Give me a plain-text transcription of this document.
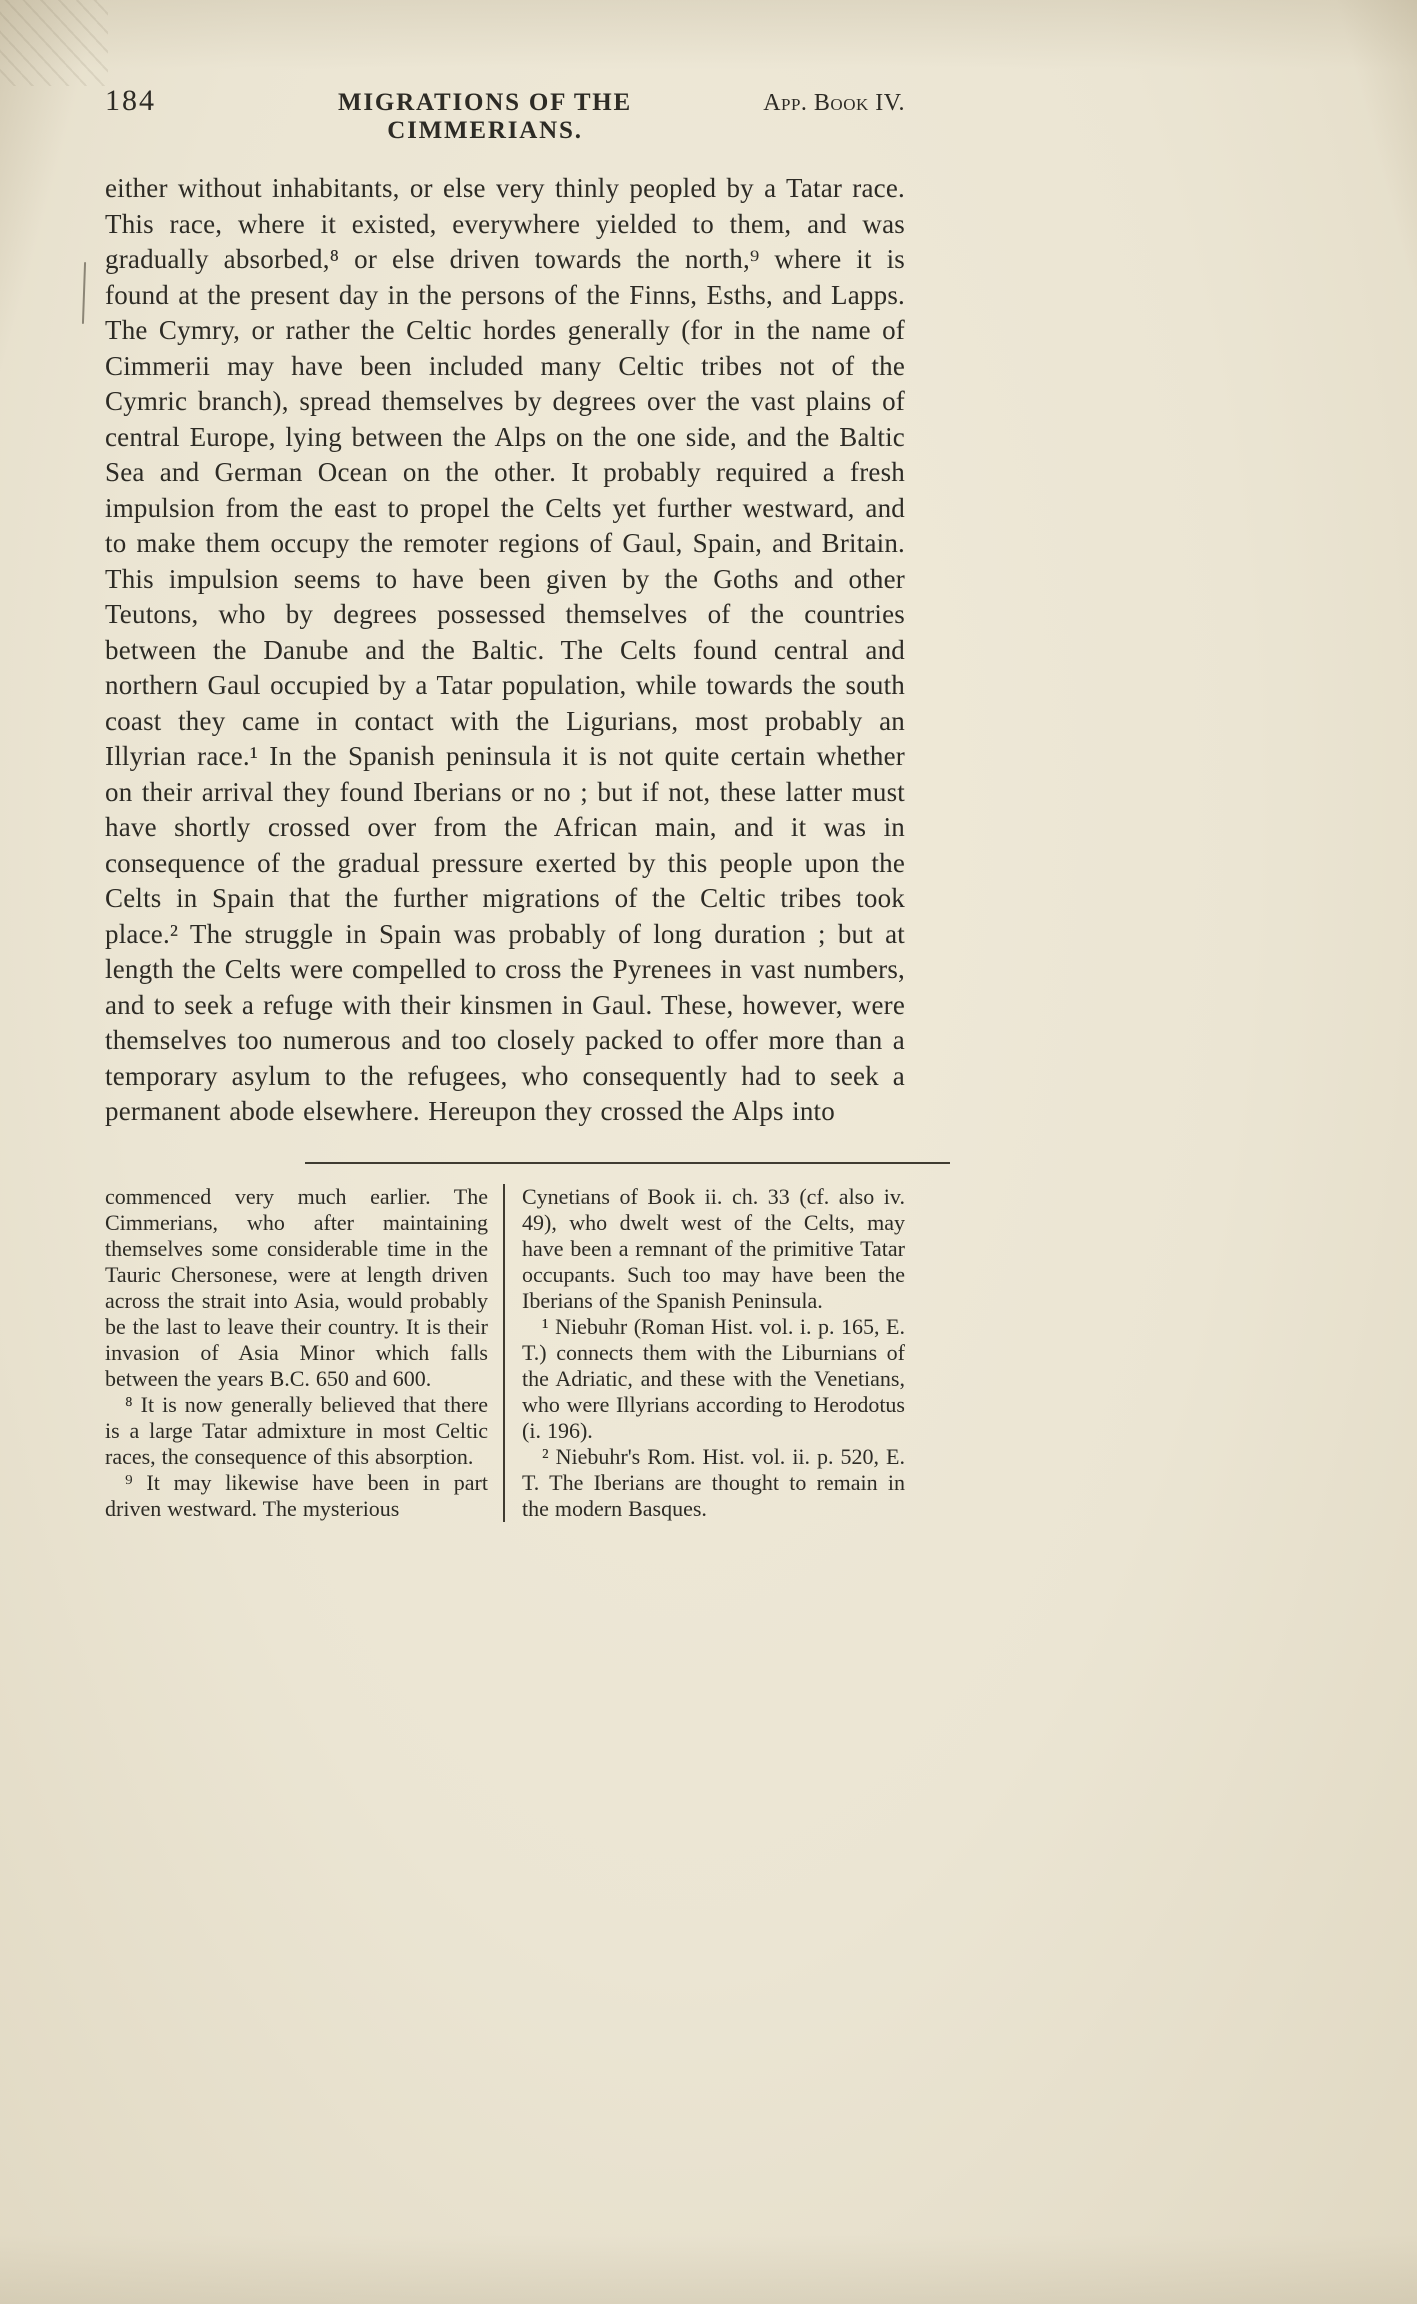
184	MIGRATIONS OF THE CIMMERIANS.
App. Book IV.

either without inhabitants, or else very thinly peopled by a Tatar race. This race, where it existed, everywhere yielded to them, and was gradually absorbed,⁸ or else driven towards the north,⁹ where it is found at the present day in the persons of the Finns, Esths, and Lapps. The Cymry, or rather the Celtic hordes generally (for in the name of Cimmerii may have been included many Celtic tribes not of the Cymric branch), spread themselves by degrees over the vast plains of central Europe, lying between the Alps on the one side, and the Baltic Sea and German Ocean on the other. It probably required a fresh impulsion from the east to propel the Celts yet further westward, and to make them occupy the remoter regions of Gaul, Spain, and Britain. This impulsion seems to have been given by the Goths and other Teutons, who by degrees possessed themselves of the countries between the Danube and the Baltic. The Celts found central and northern Gaul occupied by a Tatar population, while towards the south coast they came in contact with the Ligurians, most probably an Illyrian race.¹ In the Spanish peninsula it is not quite certain whether on their arrival they found Iberians or no ; but if not, these latter must have shortly crossed over from the African main, and it was in consequence of the gradual pressure exerted by this people upon the Celts in Spain that the further migrations of the Celtic tribes took place.² The struggle in Spain was probably of long duration ; but at length the Celts were compelled to cross the Pyrenees in vast numbers, and to seek a refuge with their kinsmen in Gaul. These, however, were themselves too numerous and too closely packed to offer more than a temporary asylum to the refugees, who consequently had to seek a permanent abode elsewhere. Hereupon they crossed the Alps into

commenced very much earlier. The Cimmerians, who after maintaining themselves some considerable time in the Tauric Chersonese, were at length driven across the strait into Asia, would probably be the last to leave their country. It is their invasion of Asia Minor which falls between the years B.C. 650 and 600.

⁸ It is now generally believed that there is a large Tatar admixture in most Celtic races, the consequence of this absorption.

⁹ It may likewise have been in part driven westward. The mysterious

Cynetians of Book ii. ch. 33 (cf. also iv. 49), who dwelt west of the Celts, may have been a remnant of the primitive Tatar occupants. Such too may have been the Iberians of the Spanish Peninsula.

¹ Niebuhr (Roman Hist. vol. i. p. 165, E. T.) connects them with the Liburnians of the Adriatic, and these with the Venetians, who were Illyrians according to Herodotus (i. 196).

² Niebuhr's Rom. Hist. vol. ii. p. 520, E. T. The Iberians are thought to remain in the modern Basques.
